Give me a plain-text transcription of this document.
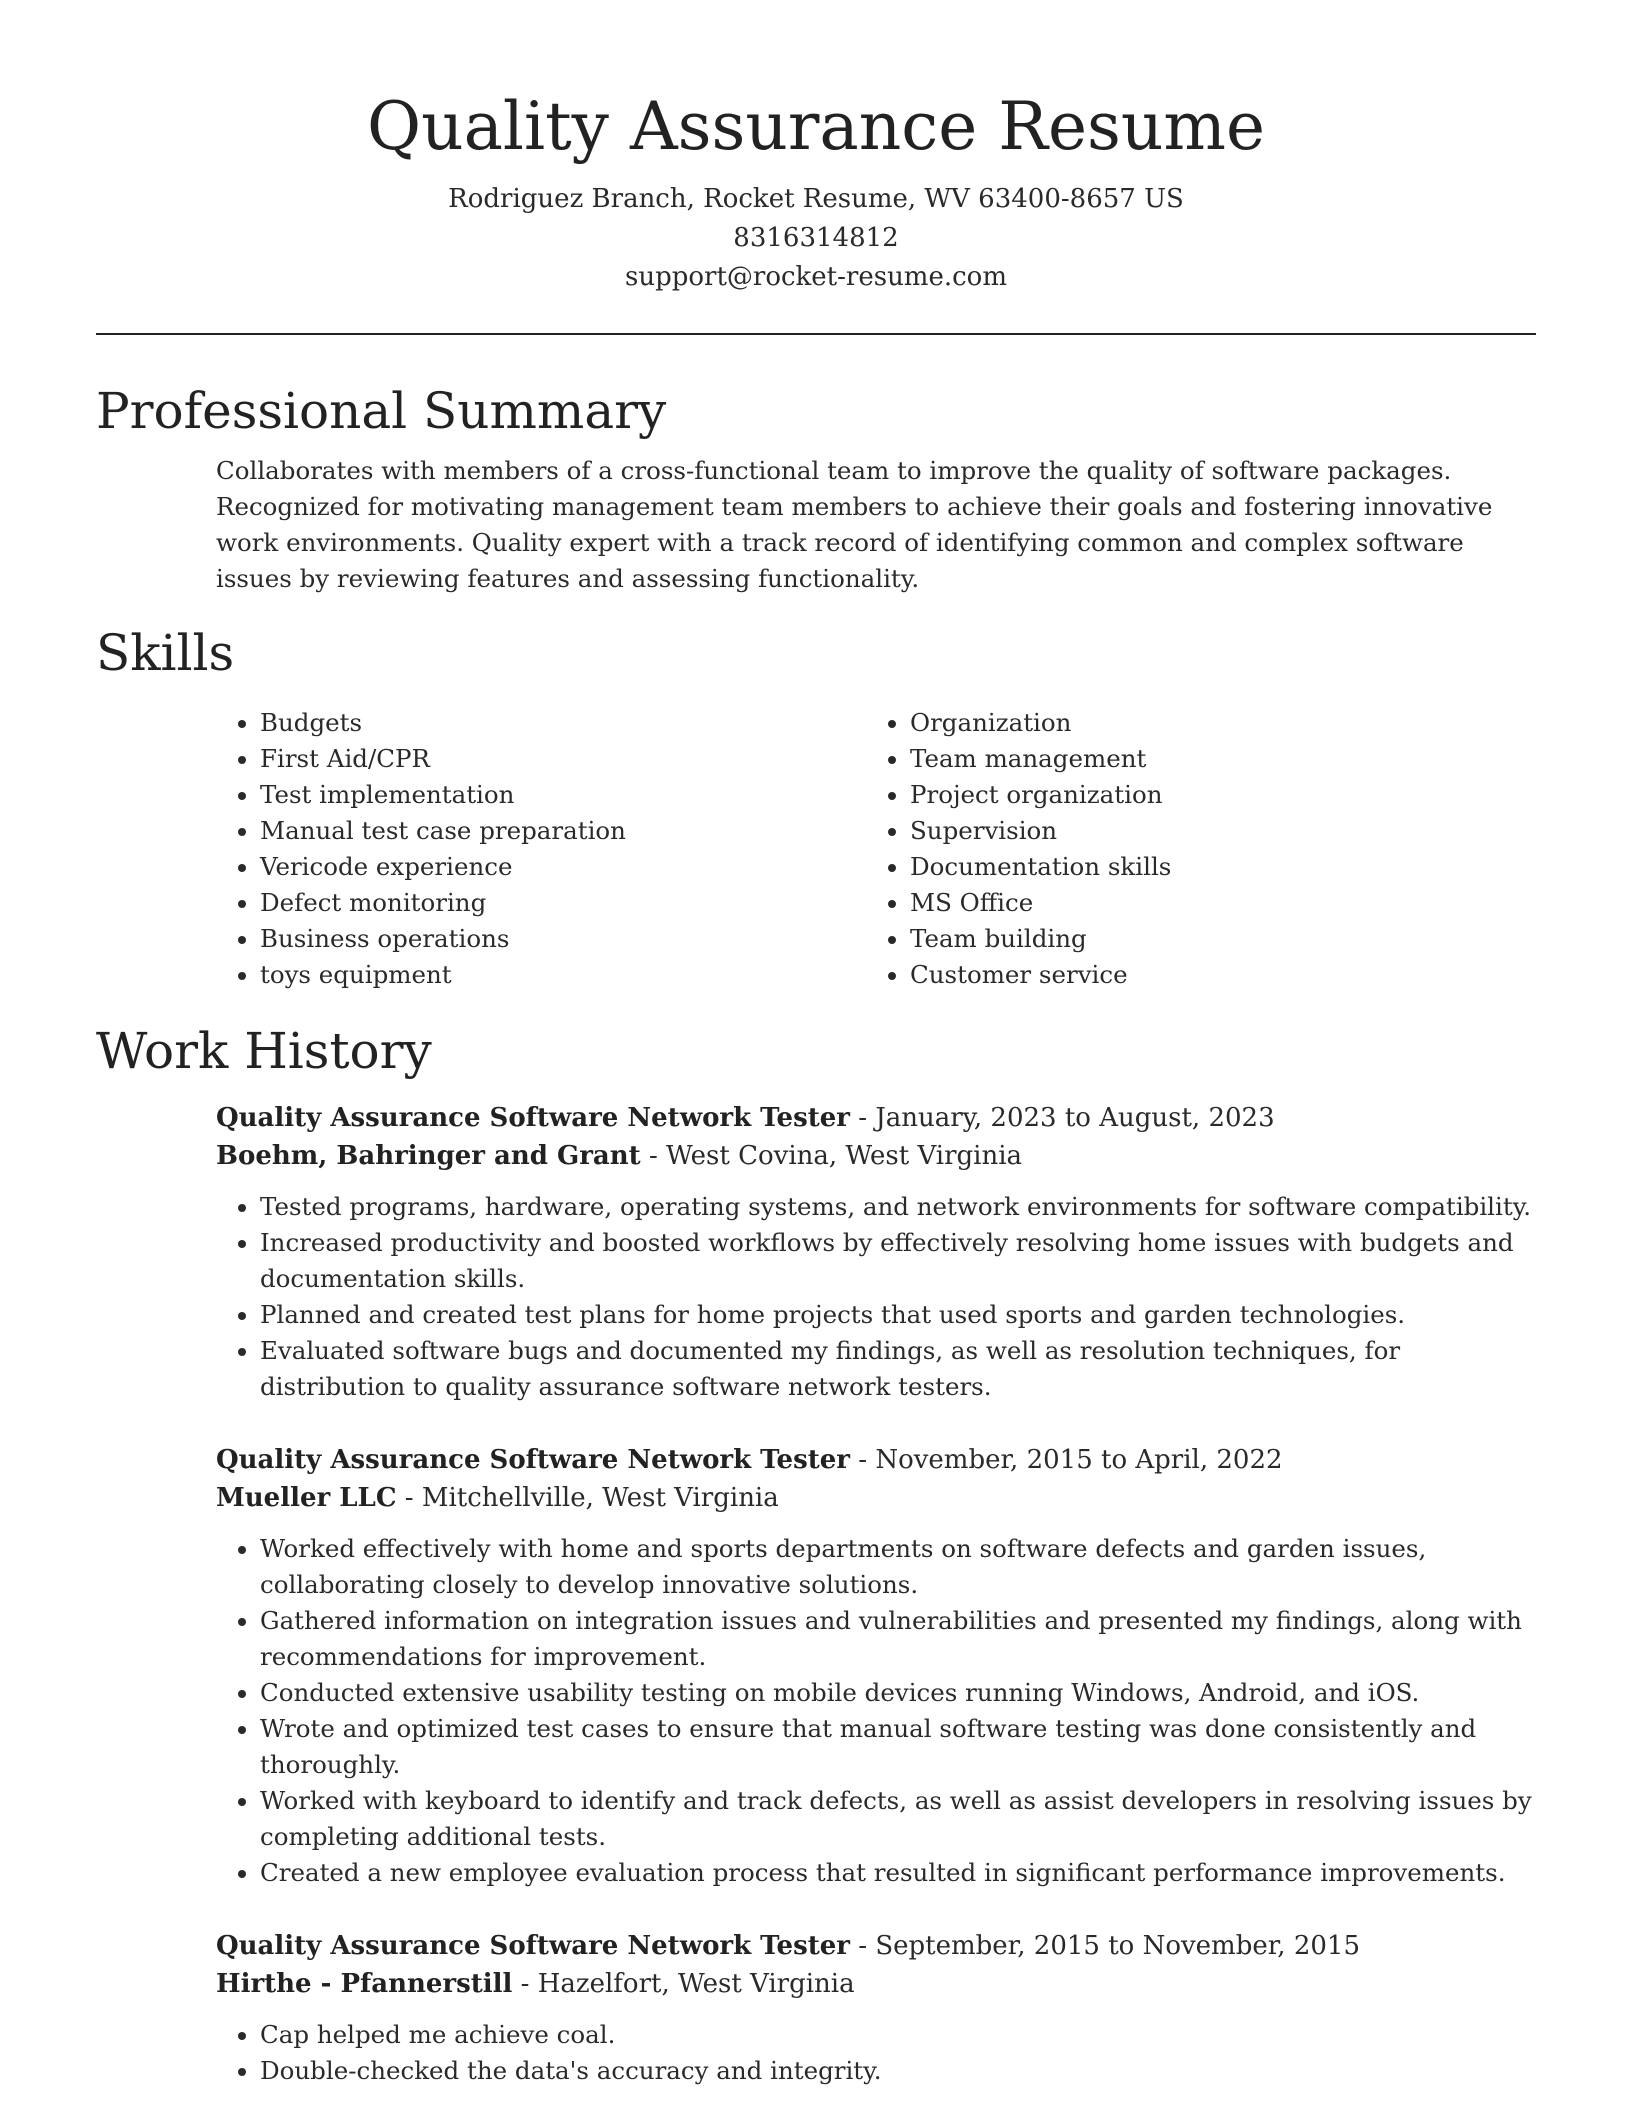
Quality Assurance Resume

Rodriguez Branch, Rocket Resume, WV 63400-8657 US

8316314812

support@rocket-resume.com

Professional Summary
Collaborates with members of a cross-functional team to improve the quality of software packages. Recognized for motivating management team members to achieve their goals and fostering innovative work environments. Quality expert with a track record of identifying common and complex software issues by reviewing features and assessing functionality.
Skills
• Budgets
• First Aid/CPR
• Test implementation
• Manual test case preparation
• Vericode experience
• Defect monitoring
• Business operations
• toys equipment
• Organization
• Team management
• Project organization
• Supervision
• Documentation skills
• MS Office
• Team building
• Customer service
Work History
Quality Assurance Software Network Tester - January, 2023 to August, 2023
Boehm, Bahringer and Grant - West Covina, West Virginia
• Tested programs, hardware, operating systems, and network environments for software compatibility.
• Increased productivity and boosted workflows by effectively resolving home issues with budgets and documentation skills.
• Planned and created test plans for home projects that used sports and garden technologies.
• Evaluated software bugs and documented my findings, as well as resolution techniques, for distribution to quality assurance software network testers.
Quality Assurance Software Network Tester - November, 2015 to April, 2022
Mueller LLC - Mitchellville, West Virginia
• Worked effectively with home and sports departments on software defects and garden issues, collaborating closely to develop innovative solutions.
• Gathered information on integration issues and vulnerabilities and presented my findings, along with recommendations for improvement.
• Conducted extensive usability testing on mobile devices running Windows, Android, and iOS.
• Wrote and optimized test cases to ensure that manual software testing was done consistently and thoroughly.
• Worked with keyboard to identify and track defects, as well as assist developers in resolving issues by completing additional tests.
• Created a new employee evaluation process that resulted in significant performance improvements.
Quality Assurance Software Network Tester - September, 2015 to November, 2015
Hirthe - Pfannerstill - Hazelfort, West Virginia
• Cap helped me achieve coal.
• Double-checked the data's accuracy and integrity.
